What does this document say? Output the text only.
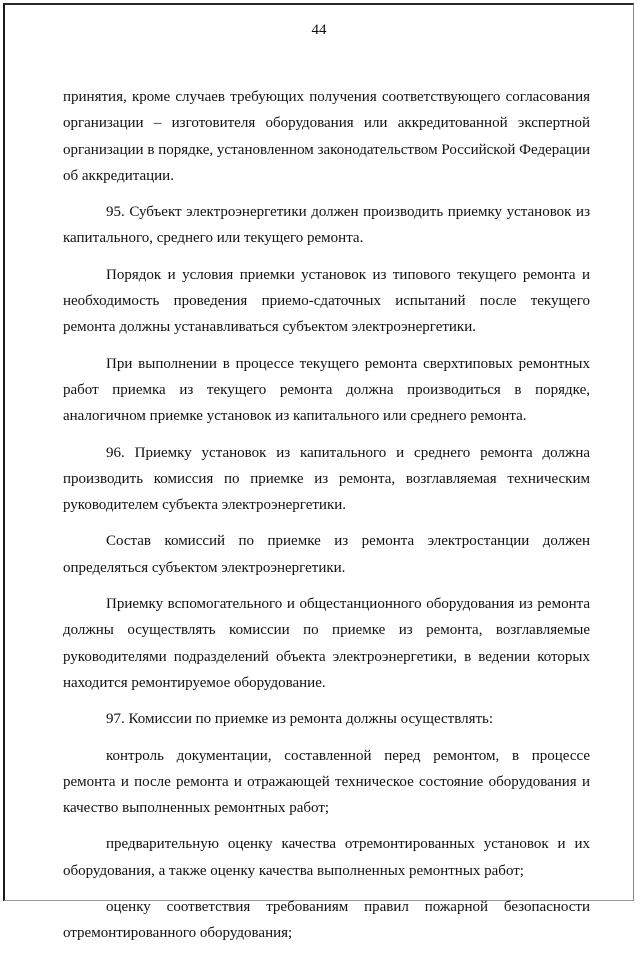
44

принятия, кроме случаев требующих получения соответствующего согласования организации – изготовителя оборудования или аккредитованной экспертной организации в порядке, установленном законодательством Российской Федерации об аккредитации.

95. Субъект электроэнергетики должен производить приемку установок из капитального, среднего или текущего ремонта.

Порядок и условия приемки установок из типового текущего ремонта и необходимость проведения приемо-сдаточных испытаний после текущего ремонта должны устанавливаться субъектом электроэнергетики.

При выполнении в процессе текущего ремонта сверхтиповых ремонтных работ приемка из текущего ремонта должна производиться в порядке, аналогичном приемке установок из капитального или среднего ремонта.

96. Приемку установок из капитального и среднего ремонта должна производить комиссия по приемке из ремонта, возглавляемая техническим руководителем субъекта электроэнергетики.

Состав комиссий по приемке из ремонта электростанции должен определяться субъектом электроэнергетики.

Приемку вспомогательного и общестанционного оборудования из ремонта должны осуществлять комиссии по приемке из ремонта, возглавляемые руководителями подразделений объекта электроэнергетики, в ведении которых находится ремонтируемое оборудование.

97. Комиссии по приемке из ремонта должны осуществлять:

контроль документации, составленной перед ремонтом, в процессе ремонта и после ремонта и отражающей техническое состояние оборудования и качество выполненных ремонтных работ;

предварительную оценку качества отремонтированных установок и их оборудования, а также оценку качества выполненных ремонтных работ;

оценку соответствия требованиям правил пожарной безопасности отремонтированного оборудования;
